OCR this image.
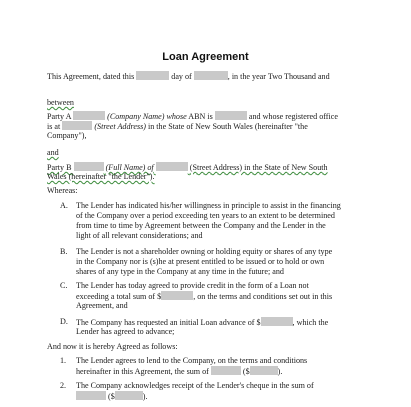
Loan Agreement
This Agreement, dated this	day of	, in the year Two Thousand and
between
Party A	(Company Name) whose ABN is	and whose registered office
is at	(Street Address) in the State of New South Wales (hereinafter "the
Company"),
and
Party B	(Full Name) of	(Street Address) in the State of New South
Wales (hereinafter "the Lender").
Whereas:
A. The Lender has indicated his/her willingness in principle to assist in the financing
of the Company over a period exceeding ten years to an extent to be determined
from time to time by Agreement between the Company and the Lender in the
light of all relevant considerations; and
B. The Lender is not a shareholder owning or holding equity or shares of any type
in the Company nor is (s)he at present entitled to be issued or to hold or own
shares of any type in the Company at any time in the future; and
C. The Lender has today agreed to provide credit in the form of a Loan not
exceeding a total sum of $	, on the terms and conditions set out in this
Agreement, and
D. The Company has requested an initial Loan advance of $	, which the
Lender has agreed to advance;
And now it is hereby Agreed as follows:
1. The Lender agrees to lend to the Company, on the terms and conditions
hereinafter in this Agreement, the sum of	($	).
2. The Company acknowledges receipt of the Lender's cheque in the sum of
($	).
